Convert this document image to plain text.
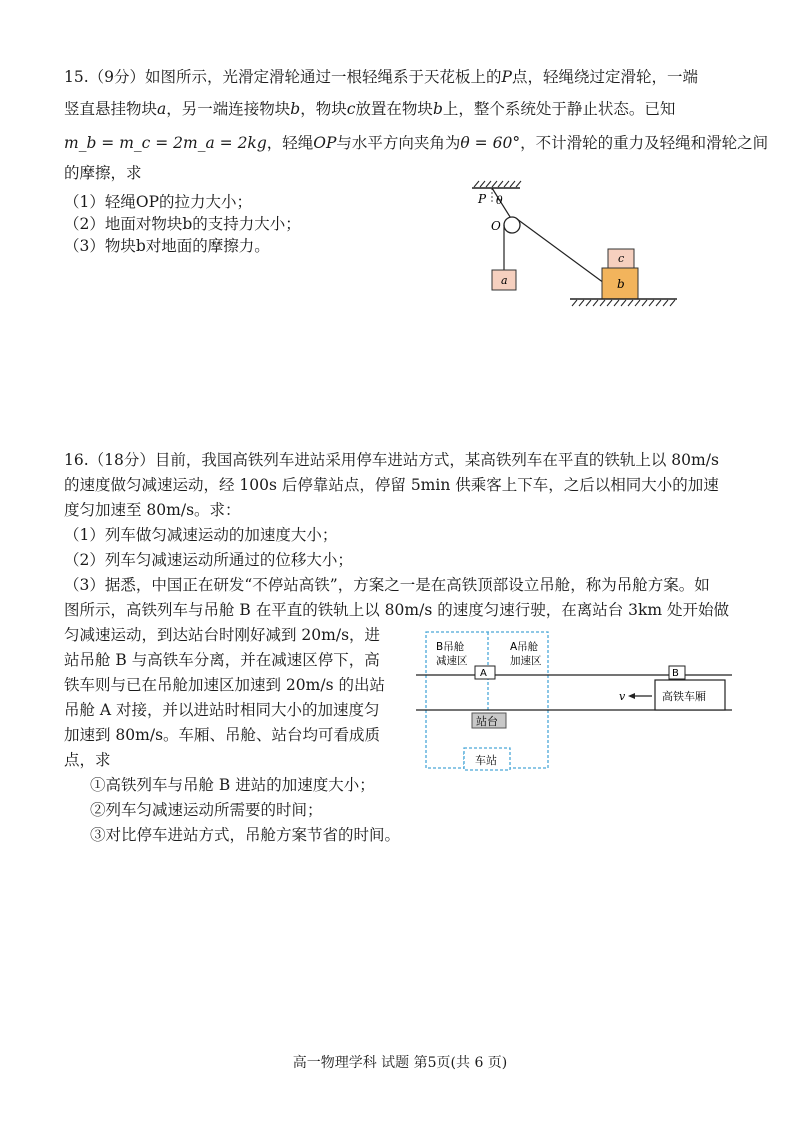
15.（9分）如图所示，光滑定滑轮通过一根轻绳系于天花板上的P点，轻绳绕过定滑轮，一端
竖直悬挂物块a，另一端连接物块b，物块c放置在物块b上，整个系统处于静止状态。已知
m_b = m_c = 2m_a = 2kg，轻绳OP与水平方向夹角为θ = 60°，不计滑轮的重力及轻绳和滑轮之间
的摩擦，求
（1）轻绳OP的拉力大小；
（2）地面对物块b的支持力大小；
（3）物块b对地面的摩擦力。
P θ
O
a
c
b
16.（18分）目前，我国高铁列车进站采用停车进站方式，某高铁列车在平直的铁轨上以 80m/s
的速度做匀减速运动，经 100s 后停靠站点，停留 5min 供乘客上下车，之后以相同大小的加速
度匀加速至 80m/s。求：
（1）列车做匀减速运动的加速度大小；
（2）列车匀减速运动所通过的位移大小；
（3）据悉，中国正在研发“不停站高铁”，方案之一是在高铁顶部设立吊舱，称为吊舱方案。如
图所示，高铁列车与吊舱 B 在平直的铁轨上以 80m/s 的速度匀速行驶，在离站台 3km 处开始做
匀减速运动，到达站台时刚好减到 20m/s，进
站吊舱 B 与高铁车分离，并在减速区停下，高
铁车则与已在吊舱加速区加速到 20m/s 的出站
吊舱 A 对接，并以进站时相同大小的加速度匀
加速到 80m/s。车厢、吊舱、站台均可看成质
点，求
①高铁列车与吊舱 B 进站的加速度大小；
②列车匀减速运动所需要的时间；
③对比停车进站方式，吊舱方案节省的时间。
B吊舱
减速区
A吊舱
加速区
A	B
v	高铁车厢
站台
车站
高一物理学科 试题 第5页(共 6 页)
